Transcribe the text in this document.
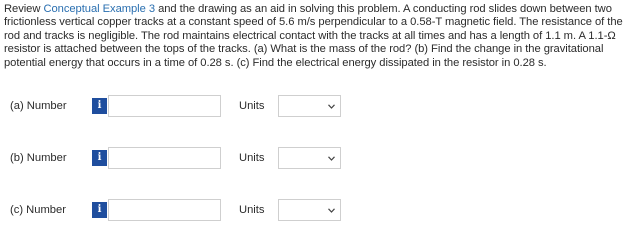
Review Conceptual Example 3 and the drawing as an aid in solving this problem. A conducting rod slides down between two frictionless vertical copper tracks at a constant speed of 5.6 m/s perpendicular to a 0.58-T magnetic field. The resistance of the rod and tracks is negligible. The rod maintains electrical contact with the tracks at all times and has a length of 1.1 m. A 1.1-Ω resistor is attached between the tops of the tracks. (a) What is the mass of the rod? (b) Find the change in the gravitational potential energy that occurs in a time of 0.28 s. (c) Find the electrical energy dissipated in the resistor in 0.28 s.
(a) Number	i	Units
(b) Number	i	Units
(c) Number	i	Units
